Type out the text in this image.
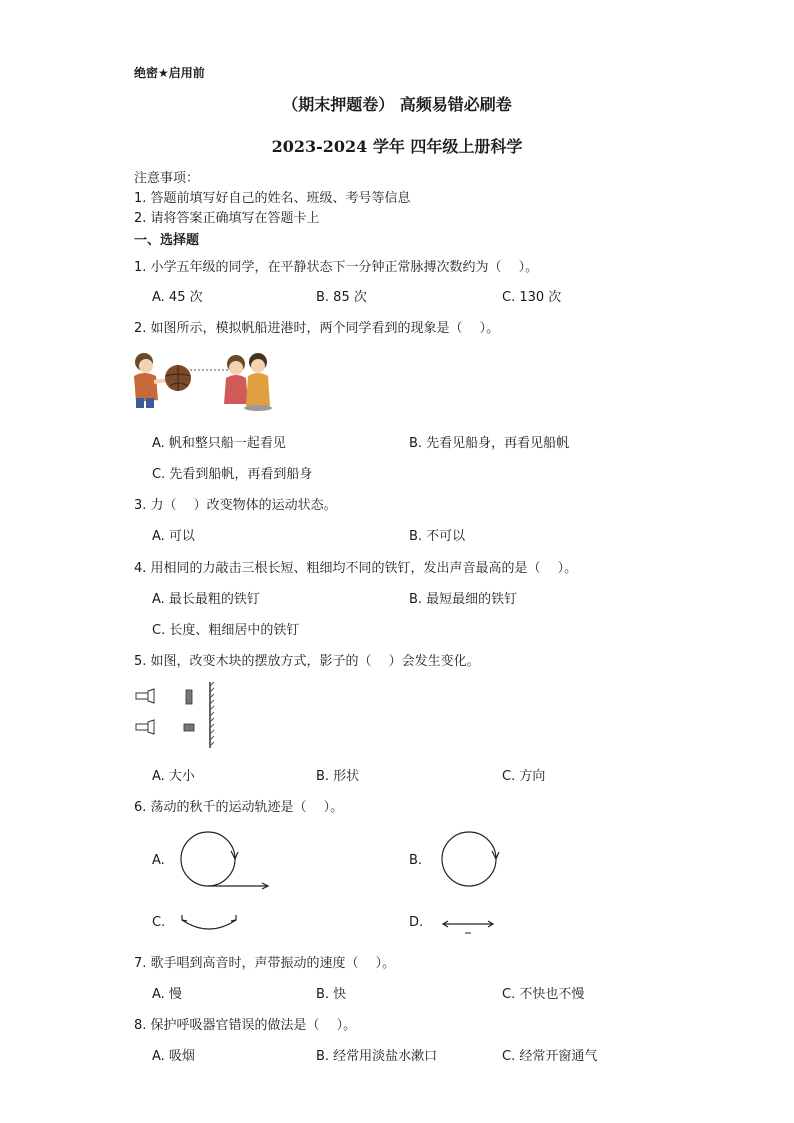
绝密★启用前
（期末押题卷） 高频易错必刷卷
2023-2024 学年 四年级上册科学
注意事项：
1. 答题前填写好自己的姓名、班级、考号等信息
2. 请将答案正确填写在答题卡上
一、选择题
1. 小学五年级的同学，在平静状态下一分钟正常脉搏次数约为（　 ）。
A. 45 次	B. 85 次	C. 130 次
2. 如图所示，模拟帆船进港时，两个同学看到的现象是（　 ）。
A. 帆和整只船一起看见	B. 先看见船身，再看见船帆
C. 先看到船帆，再看到船身
3. 力（　 ）改变物体的运动状态。
A. 可以	B. 不可以
4. 用相同的力敲击三根长短、粗细均不同的铁钉，发出声音最高的是（　 ）。
A. 最长最粗的铁钉	B. 最短最细的铁钉
C. 长度、粗细居中的铁钉
5. 如图，改变木块的摆放方式，影子的（　 ）会发生变化。
A. 大小	B. 形状	C. 方向
6. 荡动的秋千的运动轨迹是（　 ）。
A.	B.
C.	D.
7. 歌手唱到高音时，声带振动的速度（　 ）。
A. 慢	B. 快	C. 不快也不慢
8. 保护呼吸器官错误的做法是（　 ）。
A. 吸烟	B. 经常用淡盐水漱口	C. 经常开窗通气
